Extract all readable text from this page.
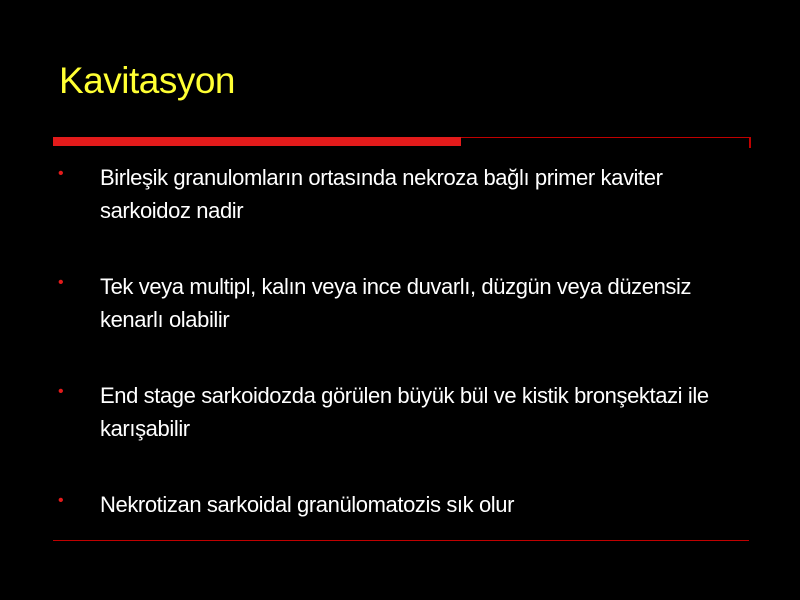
Kavitasyon
•	Birleşik granulomların ortasında nekroza bağlı primer kaviter sarkoidoz nadir
•	Tek veya multipl, kalın veya ince duvarlı, düzgün veya düzensiz kenarlı olabilir
•	End stage sarkoidozda görülen büyük bül ve kistik bronşektazi ile karışabilir
•	Nekrotizan sarkoidal granülomatozis sık olur
